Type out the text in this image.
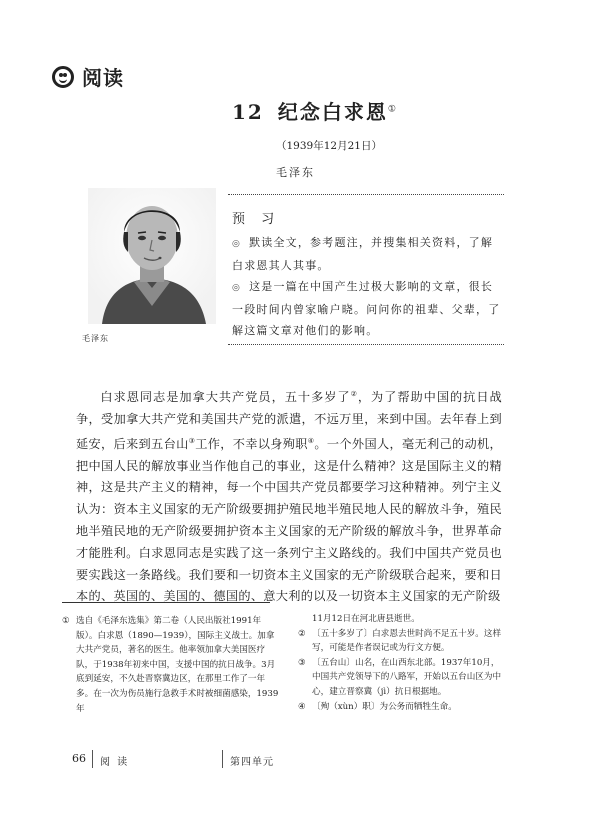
阅读
12 纪念白求恩①
（1939年12月21日）
毛泽东
毛泽东
预 习
◎ 默读全文，参考题注，并搜集相关资料，了解白求恩其人其事。
◎ 这是一篇在中国产生过极大影响的文章，很长一段时间内曾家喻户晓。问问你的祖辈、父辈，了解这篇文章对他们的影响。
白求恩同志是加拿大共产党员，五十多岁了②，为了帮助中国的抗日战争，受加拿大共产党和美国共产党的派遣，不远万里，来到中国。去年春上到延安，后来到五台山③工作，不幸以身殉职④。一个外国人，毫无利己的动机，把中国人民的解放事业当作他自己的事业，这是什么精神？这是国际主义的精神，这是共产主义的精神，每一个中国共产党员都要学习这种精神。列宁主义认为：资本主义国家的无产阶级要拥护殖民地半殖民地人民的解放斗争，殖民地半殖民地的无产阶级要拥护资本主义国家的无产阶级的解放斗争，世界革命才能胜利。白求恩同志是实践了这一条列宁主义路线的。我们中国共产党员也要实践这一条路线。我们要和一切资本主义国家的无产阶级联合起来，要和日本的、英国的、美国的、德国的、意大利的以及一切资本主义国家的无产阶级
① 选自《毛泽东选集》第二卷（人民出版社1991年版）。白求恩（1890—1939），国际主义战士。加拿大共产党员，著名的医生。他率领加拿大美国医疗队，于1938年初来中国，支援中国的抗日战争。3月底到延安，不久赴晋察冀边区，在那里工作了一年多。在一次为伤员施行急救手术时被细菌感染，1939年
11月12日在河北唐县逝世。
② 〔五十多岁了〕白求恩去世时尚不足五十岁。这样写，可能是作者误记或为行文方便。
③ 〔五台山〕山名，在山西东北部。1937年10月，中国共产党领导下的八路军，开始以五台山区为中心，建立晋察冀（jì）抗日根据地。
④ 〔殉（xùn）职〕为公务而牺牲生命。
66 阅 读	第四单元
